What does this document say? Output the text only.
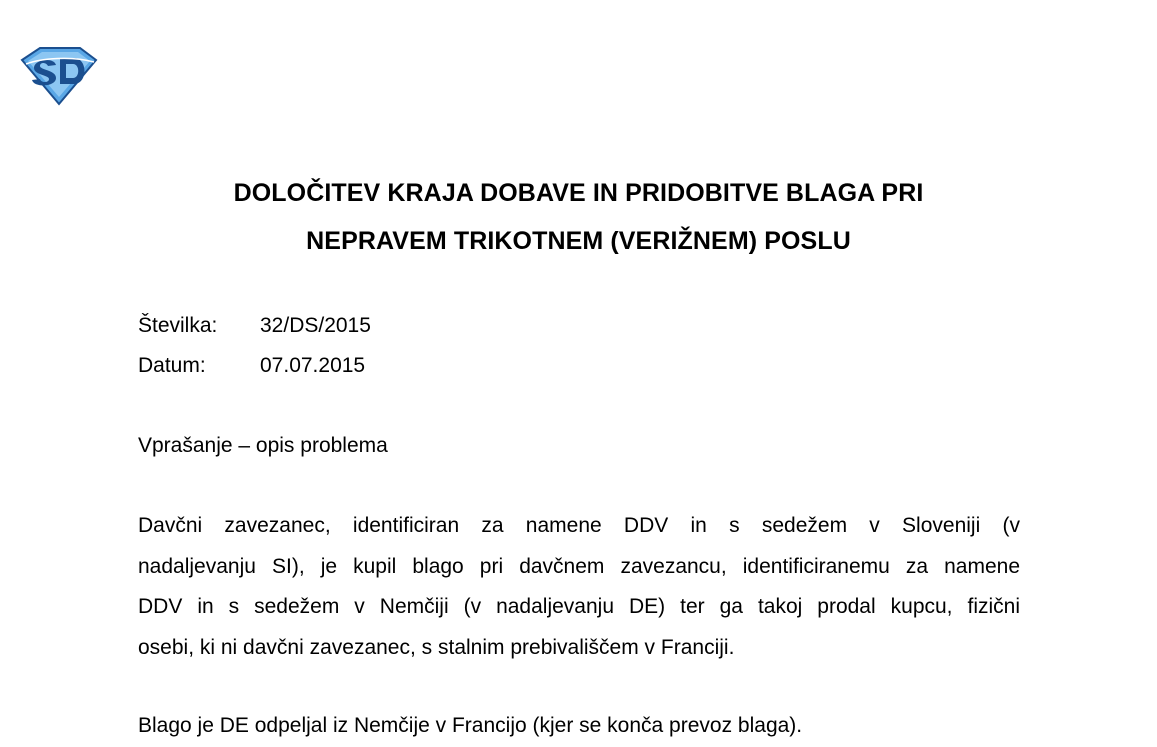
DOLOČITEV KRAJA DOBAVE IN PRIDOBITVE BLAGA PRI
NEPRAVEM TRIKOTNEM (VERIŽNEM) POSLU
Številka: 32/DS/2015
Datum:	07.07.2015
Vprašanje – opis problema
Davčni zavezanec, identificiran za namene DDV in s sedežem v Sloveniji (v
nadaljevanju SI), je kupil blago pri davčnem zavezancu, identificiranemu za namene
DDV in s sedežem v Nemčiji (v nadaljevanju DE) ter ga takoj prodal kupcu, fizični
osebi, ki ni davčni zavezanec, s stalnim prebivališčem v Franciji.
Blago je DE odpeljal iz Nemčije v Francijo (kjer se konča prevoz blaga).
